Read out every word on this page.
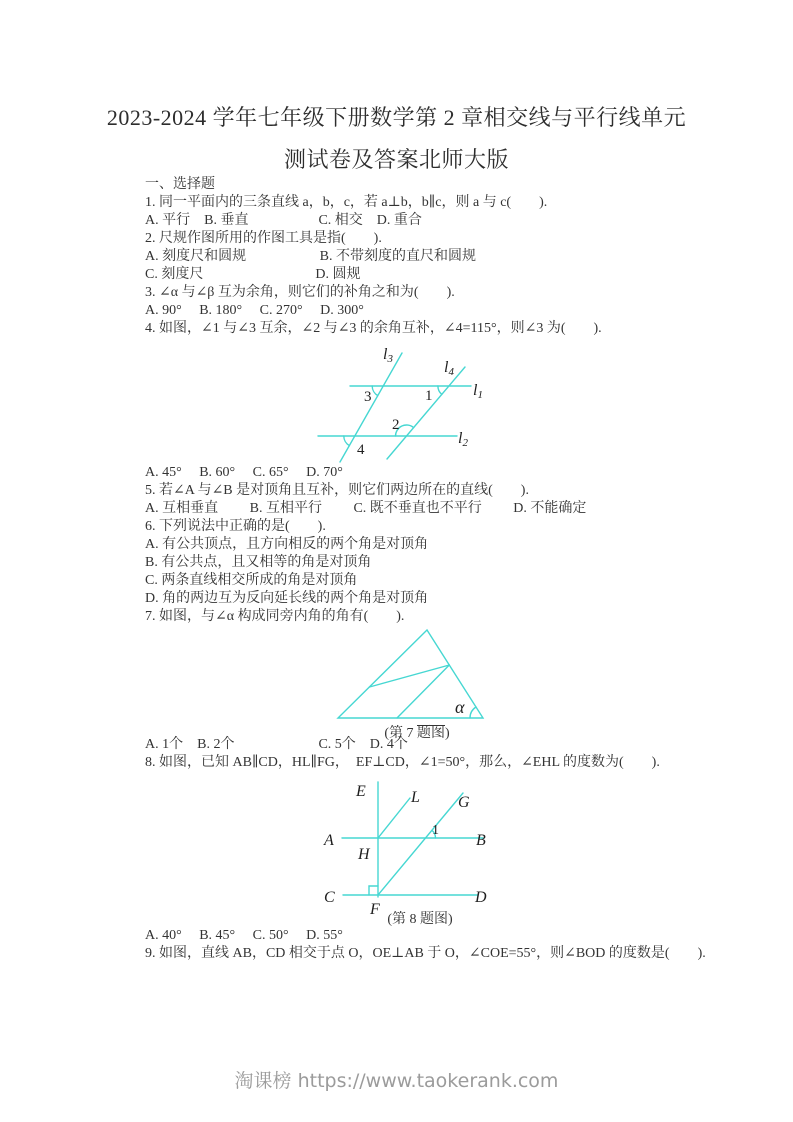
2023-2024 学年七年级下册数学第 2 章相交线与平行线单元
测试卷及答案北师大版
一、选择题
1. 同一平面内的三条直线 a，b，c，若 a⊥b，b∥c，则 a 与 c(　　).
A. 平行　B. 垂直　　　　　C. 相交　D. 重合
2. 尺规作图所用的作图工具是指(　　).
A. 刻度尺和圆规　　　　　 B. 不带刻度的直尺和圆规
C. 刻度尺　　　　　　　　D. 圆规
3. ∠α 与∠β 互为余角，则它们的补角之和为(　　).
A. 90°　 B. 180°　 C. 270°　 D. 300°
4. 如图，∠1 与∠3 互余，∠2 与∠3 的余角互补，∠4=115°，则∠3 为(　　).
l3	l4
l1
l2
3	1
2
4
A. 45°　 B. 60°　 C. 65°　 D. 70°
5. 若∠A 与∠B 是对顶角且互补，则它们两边所在的直线(　　).
A. 互相垂直　　 B. 互相平行　　 C. 既不垂直也不平行　　 D. 不能确定
6. 下列说法中正确的是(　　).
A. 有公共顶点，且方向相反的两个角是对顶角
B. 有公共点，且又相等的角是对顶角
C. 两条直线相交所成的角是对顶角
D. 角的两边互为反向延长线的两个角是对顶角
7. 如图，与∠α 构成同旁内角的角有(　　).
α
(第 7 题图)
A. 1个　B. 2个　　　　　　C. 5个　D. 4个
8. 如图，已知 AB∥CD，HL∥FG，　EF⊥CD，∠1=50°，那么，∠EHL 的度数为(　　).
E	L G
A	B
H
1
C	D
F
(第 8 题图)
A. 40°　 B. 45°　 C. 50°　 D. 55°
9. 如图，直线 AB，CD 相交于点 O，OE⊥AB 于 O，∠COE=55°，则∠BOD 的度数是(　　).
淘课榜 https://www.taokerank.com
